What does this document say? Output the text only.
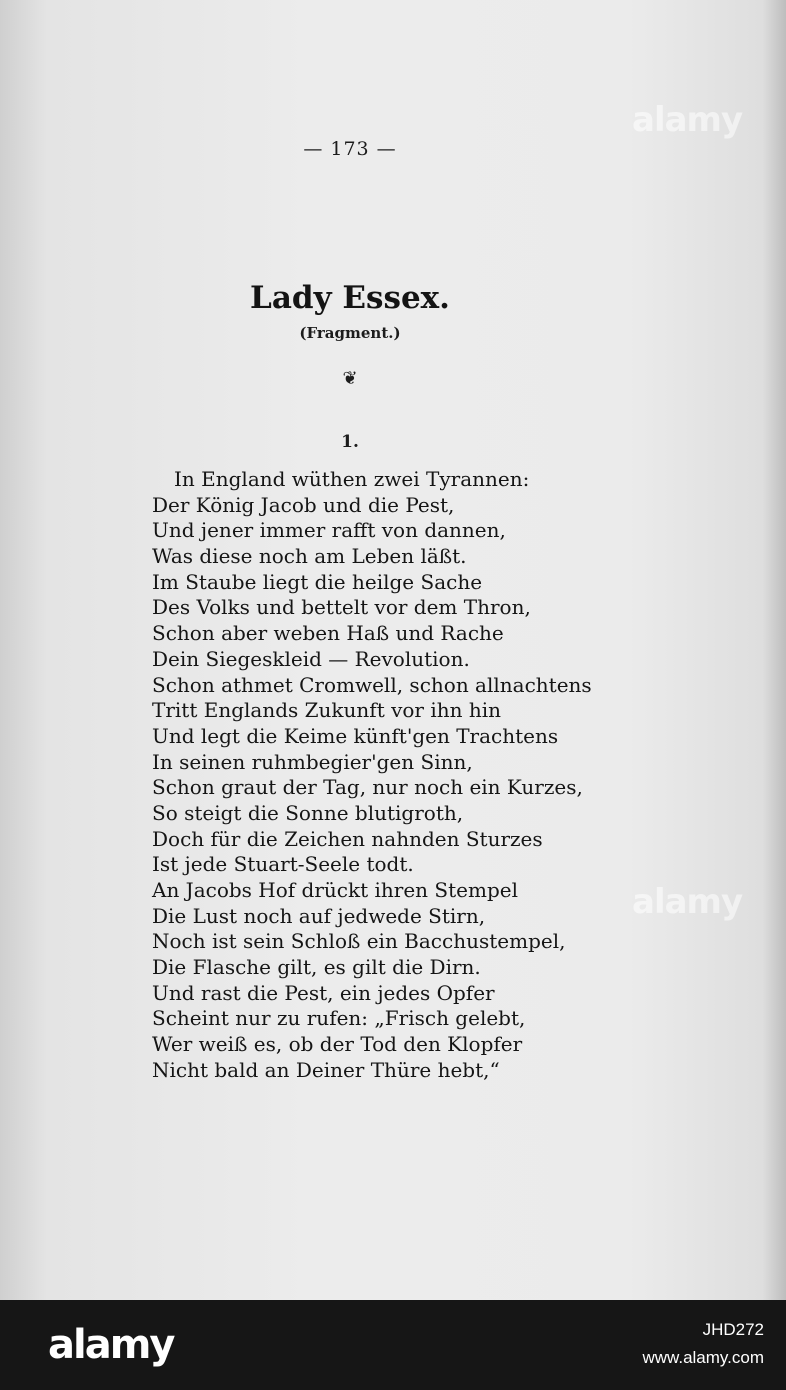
— 173 —
Lady Essex.
(Fragment.)
❦
1.
In England wüthen zwei Tyrannen:
Der König Jacob und die Pest,
Und jener immer rafft von dannen,
Was diese noch am Leben läßt.
Im Staube liegt die heilge Sache
Des Volks und bettelt vor dem Thron,
Schon aber weben Haß und Rache
Dein Siegeskleid — Revolution.
Schon athmet Cromwell, schon allnachtens
Tritt Englands Zukunft vor ihn hin
Und legt die Keime künft'gen Trachtens
In seinen ruhmbegier'gen Sinn,
Schon graut der Tag, nur noch ein Kurzes,
So steigt die Sonne blutigroth,
Doch für die Zeichen nahnden Sturzes
Ist jede Stuart-Seele todt.
An Jacobs Hof drückt ihren Stempel
Die Lust noch auf jedwede Stirn,
Noch ist sein Schloß ein Bacchustempel,
Die Flasche gilt, es gilt die Dirn.
Und rast die Pest, ein jedes Opfer
Scheint nur zu rufen: „Frisch gelebt,
Wer weiß es, ob der Tod den Klopfer
Nicht bald an Deiner Thüre hebt,“
alamy
alamy
alamy	JHD272
www.alamy.com
